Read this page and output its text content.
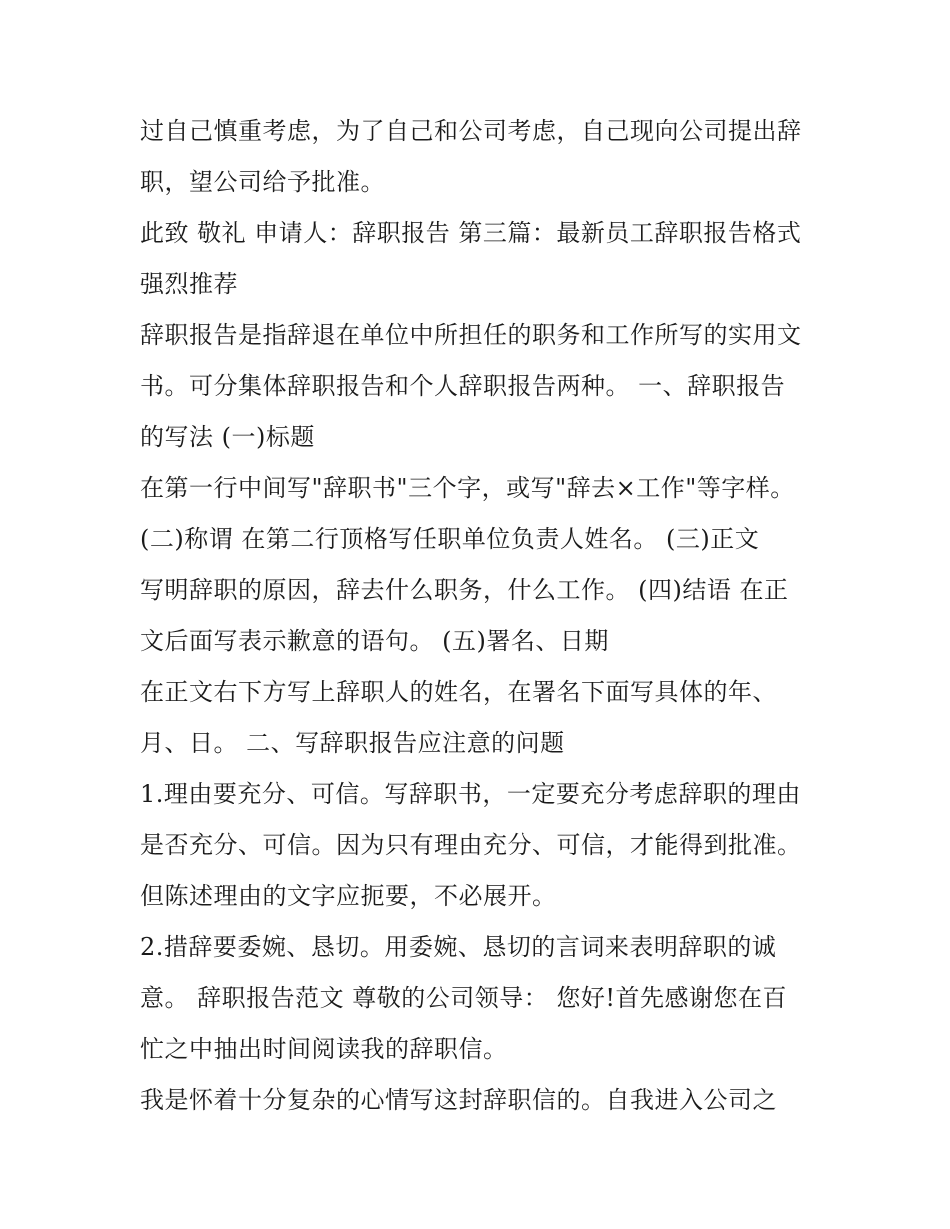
过自己慎重考虑，为了自己和公司考虑，自己现向公司提出辞
职，望公司给予批准。
此致 敬礼 申请人：辞职报告 第三篇：最新员工辞职报告格式
强烈推荐
辞职报告是指辞退在单位中所担任的职务和工作所写的实用文
书。可分集体辞职报告和个人辞职报告两种。 一、辞职报告
的写法 (一)标题
在第一行中间写"辞职书"三个字，或写"辞去×工作"等字样。
(二)称谓 在第二行顶格写任职单位负责人姓名。 (三)正文
写明辞职的原因，辞去什么职务，什么工作。 (四)结语 在正
文后面写表示歉意的语句。 (五)署名、日期
在正文右下方写上辞职人的姓名，在署名下面写具体的年、
月、日。 二、写辞职报告应注意的问题
1.理由要充分、可信。写辞职书，一定要充分考虑辞职的理由
是否充分、可信。因为只有理由充分、可信，才能得到批准。
但陈述理由的文字应扼要，不必展开。
2.措辞要委婉、恳切。用委婉、恳切的言词来表明辞职的诚
意。 辞职报告范文 尊敬的公司领导： 您好!首先感谢您在百
忙之中抽出时间阅读我的辞职信。
我是怀着十分复杂的心情写这封辞职信的。自我进入公司之
